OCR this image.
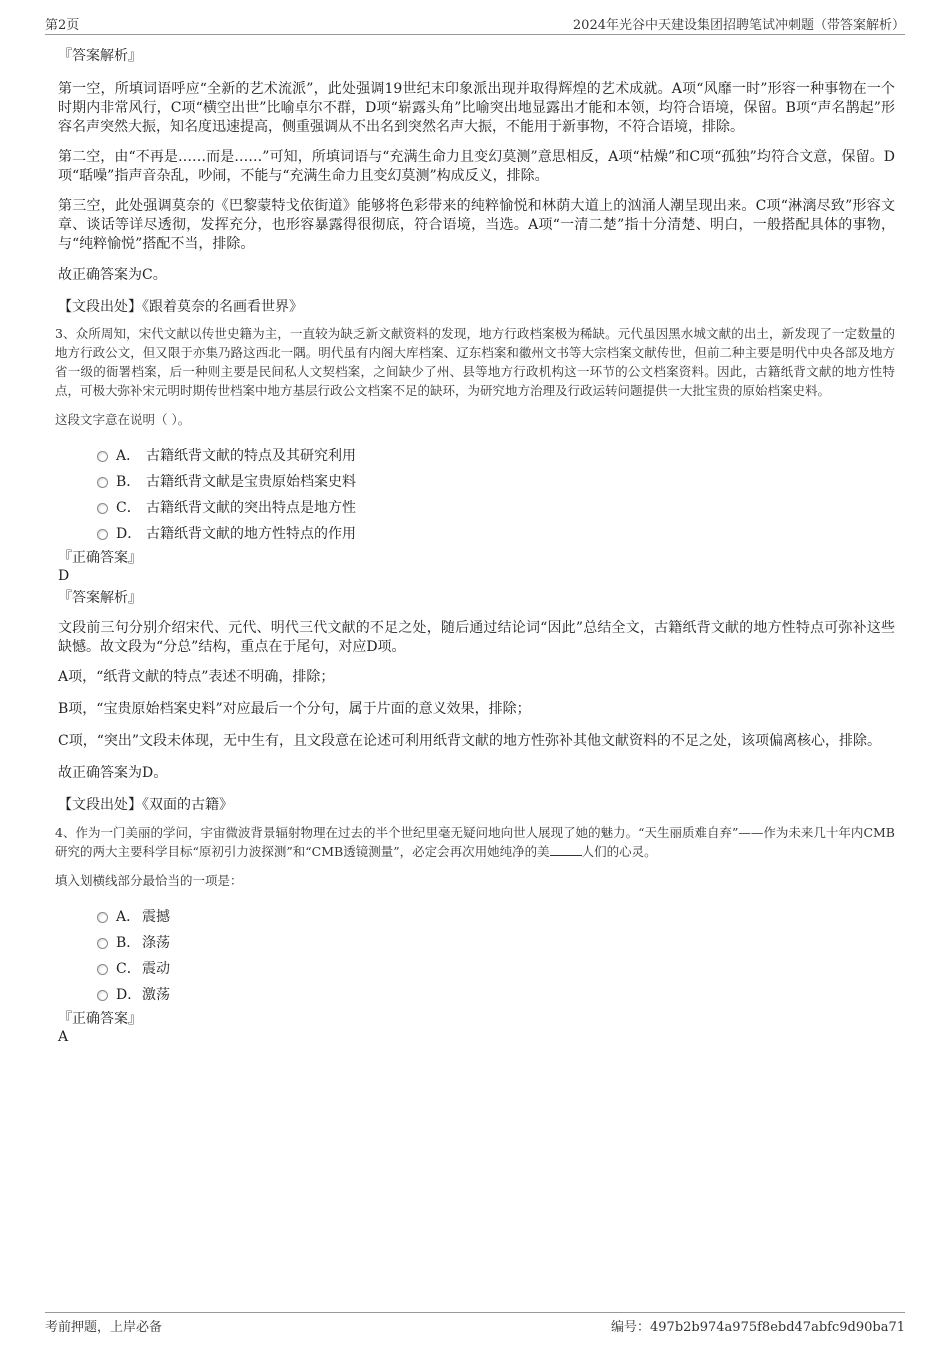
第2页	2024年光谷中天建设集团招聘笔试冲刺题（带答案解析）
『答案解析』

第一空，所填词语呼应“全新的艺术流派”，此处强调19世纪末印象派出现并取得辉煌的艺术成就。A项“风靡一时”形容一种事物在一个时期内非常风行，C项“横空出世”比喻卓尔不群，D项“崭露头角”比喻突出地显露出才能和本领，均符合语境，保留。B项“声名鹊起”形容名声突然大振，知名度迅速提高，侧重强调从不出名到突然名声大振，不能用于新事物，不符合语境，排除。

第二空，由“不再是……而是……”可知，所填词语与“充满生命力且变幻莫测”意思相反，A项“枯燥”和C项“孤独”均符合文意，保留。D项“聒噪”指声音杂乱，吵闹，不能与“充满生命力且变幻莫测”构成反义，排除。

第三空，此处强调莫奈的《巴黎蒙特戈依街道》能够将色彩带来的纯粹愉悦和林荫大道上的汹涌人潮呈现出来。C项“淋漓尽致”形容文章、谈话等详尽透彻，发挥充分，也形容暴露得很彻底，符合语境，当选。A项“一清二楚”指十分清楚、明白，一般搭配具体的事物，与“纯粹愉悦”搭配不当，排除。

故正确答案为C。

【文段出处】《跟着莫奈的名画看世界》

3、众所周知，宋代文献以传世史籍为主，一直较为缺乏新文献资料的发现，地方行政档案极为稀缺。元代虽因黑水城文献的出土，新发现了一定数量的地方行政公文，但又限于亦集乃路这西北一隅。明代虽有内阁大库档案、辽东档案和徽州文书等大宗档案文献传世，但前二种主要是明代中央各部及地方省一级的衙署档案，后一种则主要是民间私人文契档案，之间缺少了州、县等地方行政机构这一环节的公文档案资料。因此，古籍纸背文献的地方性特点，可极大弥补宋元明时期传世档案中地方基层行政公文档案不足的缺环，为研究地方治理及行政运转问题提供一大批宝贵的原始档案史料。

这段文字意在说明（ ）。

A． 古籍纸背文献的特点及其研究利用
B． 古籍纸背文献是宝贵原始档案史料
C． 古籍纸背文献的突出特点是地方性
D． 古籍纸背文献的地方性特点的作用
『正确答案』
D
『答案解析』

文段前三句分别介绍宋代、元代、明代三代文献的不足之处，随后通过结论词“因此”总结全文，古籍纸背文献的地方性特点可弥补这些缺憾。故文段为“分总”结构，重点在于尾句，对应D项。

A项，“纸背文献的特点”表述不明确，排除；

B项，“宝贵原始档案史料”对应最后一个分句，属于片面的意义效果，排除；

C项，“突出”文段未体现，无中生有，且文段意在论述可利用纸背文献的地方性弥补其他文献资料的不足之处，该项偏离核心，排除。

故正确答案为D。

【文段出处】《双面的古籍》

4、作为一门美丽的学问，宇宙微波背景辐射物理在过去的半个世纪里毫无疑问地向世人展现了她的魅力。“天生丽质难自弃”——作为未来几十年内CMB研究的两大主要科学目标“原初引力波探测”和“CMB透镜测量”，必定会再次用她纯净的美	人们的心灵。

填入划横线部分最恰当的一项是：

A． 震撼
B． 涤荡
C． 震动
D． 激荡
『正确答案』
A
考前押题，上岸必备	编号：497b2b974a975f8ebd47abfc9d90ba71
